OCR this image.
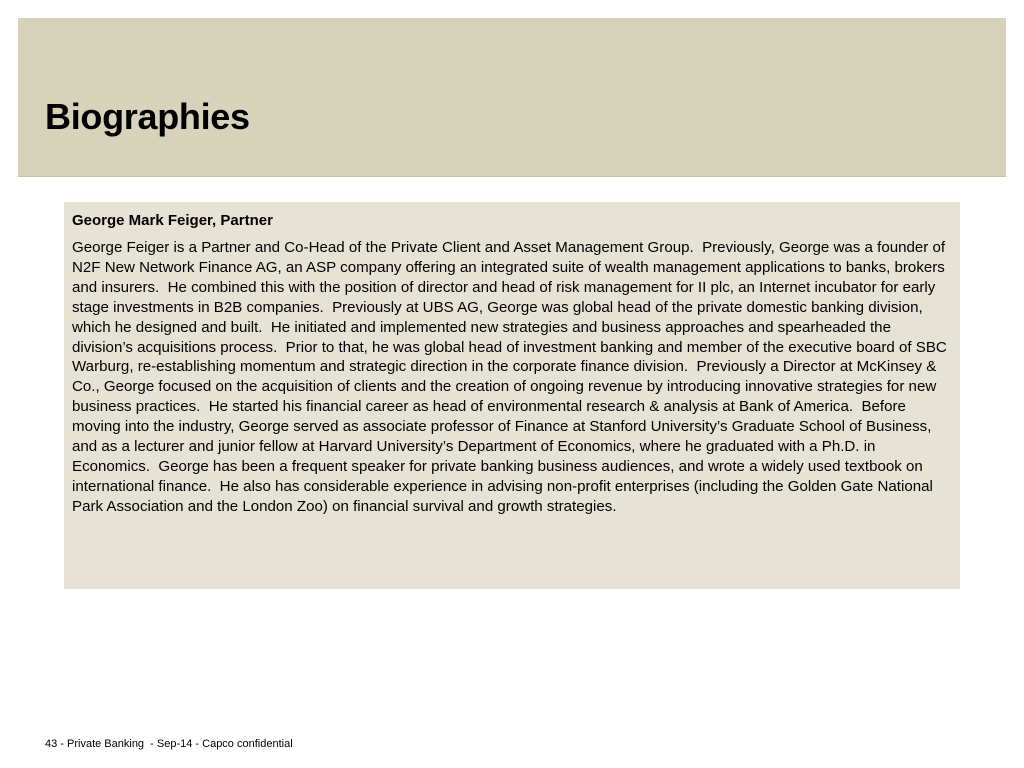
Biographies

George Mark Feiger, Partner

George Feiger is a Partner and Co-Head of the Private Client and Asset Management Group.  Previously, George was a founder of N2F New Network Finance AG, an ASP company offering an integrated suite of wealth management applications to banks, brokers and insurers.  He combined this with the position of director and head of risk management for II plc, an Internet incubator for early stage investments in B2B companies.  Previously at UBS AG, George was global head of the private domestic banking division, which he designed and built.  He initiated and implemented new strategies and business approaches and spearheaded the division’s acquisitions process.  Prior to that, he was global head of investment banking and member of the executive board of SBC Warburg, re-establishing momentum and strategic direction in the corporate finance division.  Previously a Director at McKinsey & Co., George focused on the acquisition of clients and the creation of ongoing revenue by introducing innovative strategies for new business practices.  He started his financial career as head of environmental research & analysis at Bank of America.  Before moving into the industry, George served as associate professor of Finance at Stanford University’s Graduate School of Business, and as a lecturer and junior fellow at Harvard University’s Department of Economics, where he graduated with a Ph.D. in Economics.  George has been a frequent speaker for private banking business audiences, and wrote a widely used textbook on international finance.  He also has considerable experience in advising non-profit enterprises (including the Golden Gate National Park Association and the London Zoo) on financial survival and growth strategies.

43 - Private Banking  - Sep-14 - Capco confidential
